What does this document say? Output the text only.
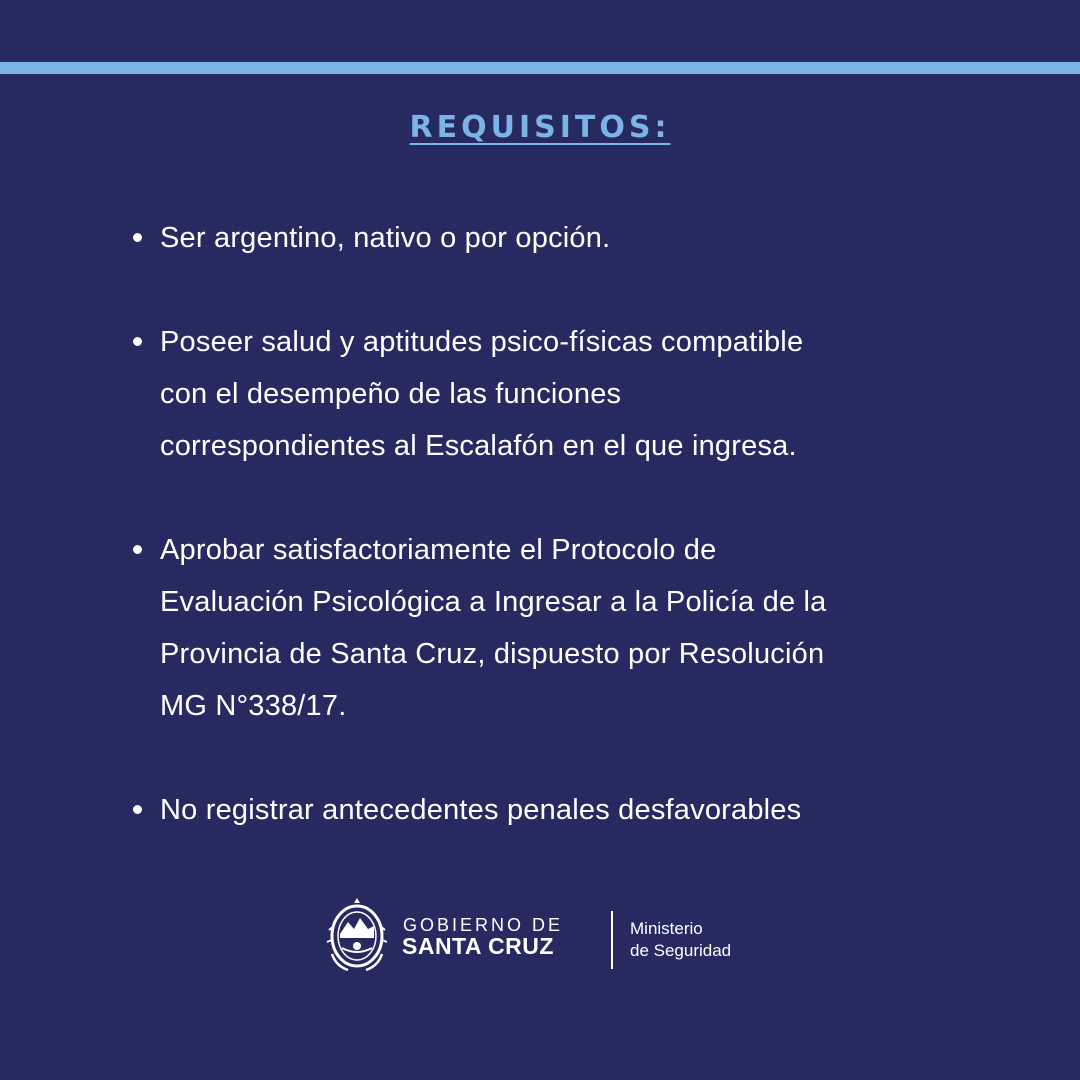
REQUISITOS:
Ser argentino, nativo o por opción.
Poseer salud y aptitudes psico-físicas compatible
con el desempeño de las funciones
correspondientes al Escalafón en el que ingresa.
Aprobar satisfactoriamente el Protocolo de
Evaluación Psicológica a Ingresar a la Policía de la
Provincia de Santa Cruz, dispuesto por Resolución
MG N°338/17.
No registrar antecedentes penales desfavorables
GOBIERNO DE
SANTA CRUZ
Ministerio
de Seguridad
